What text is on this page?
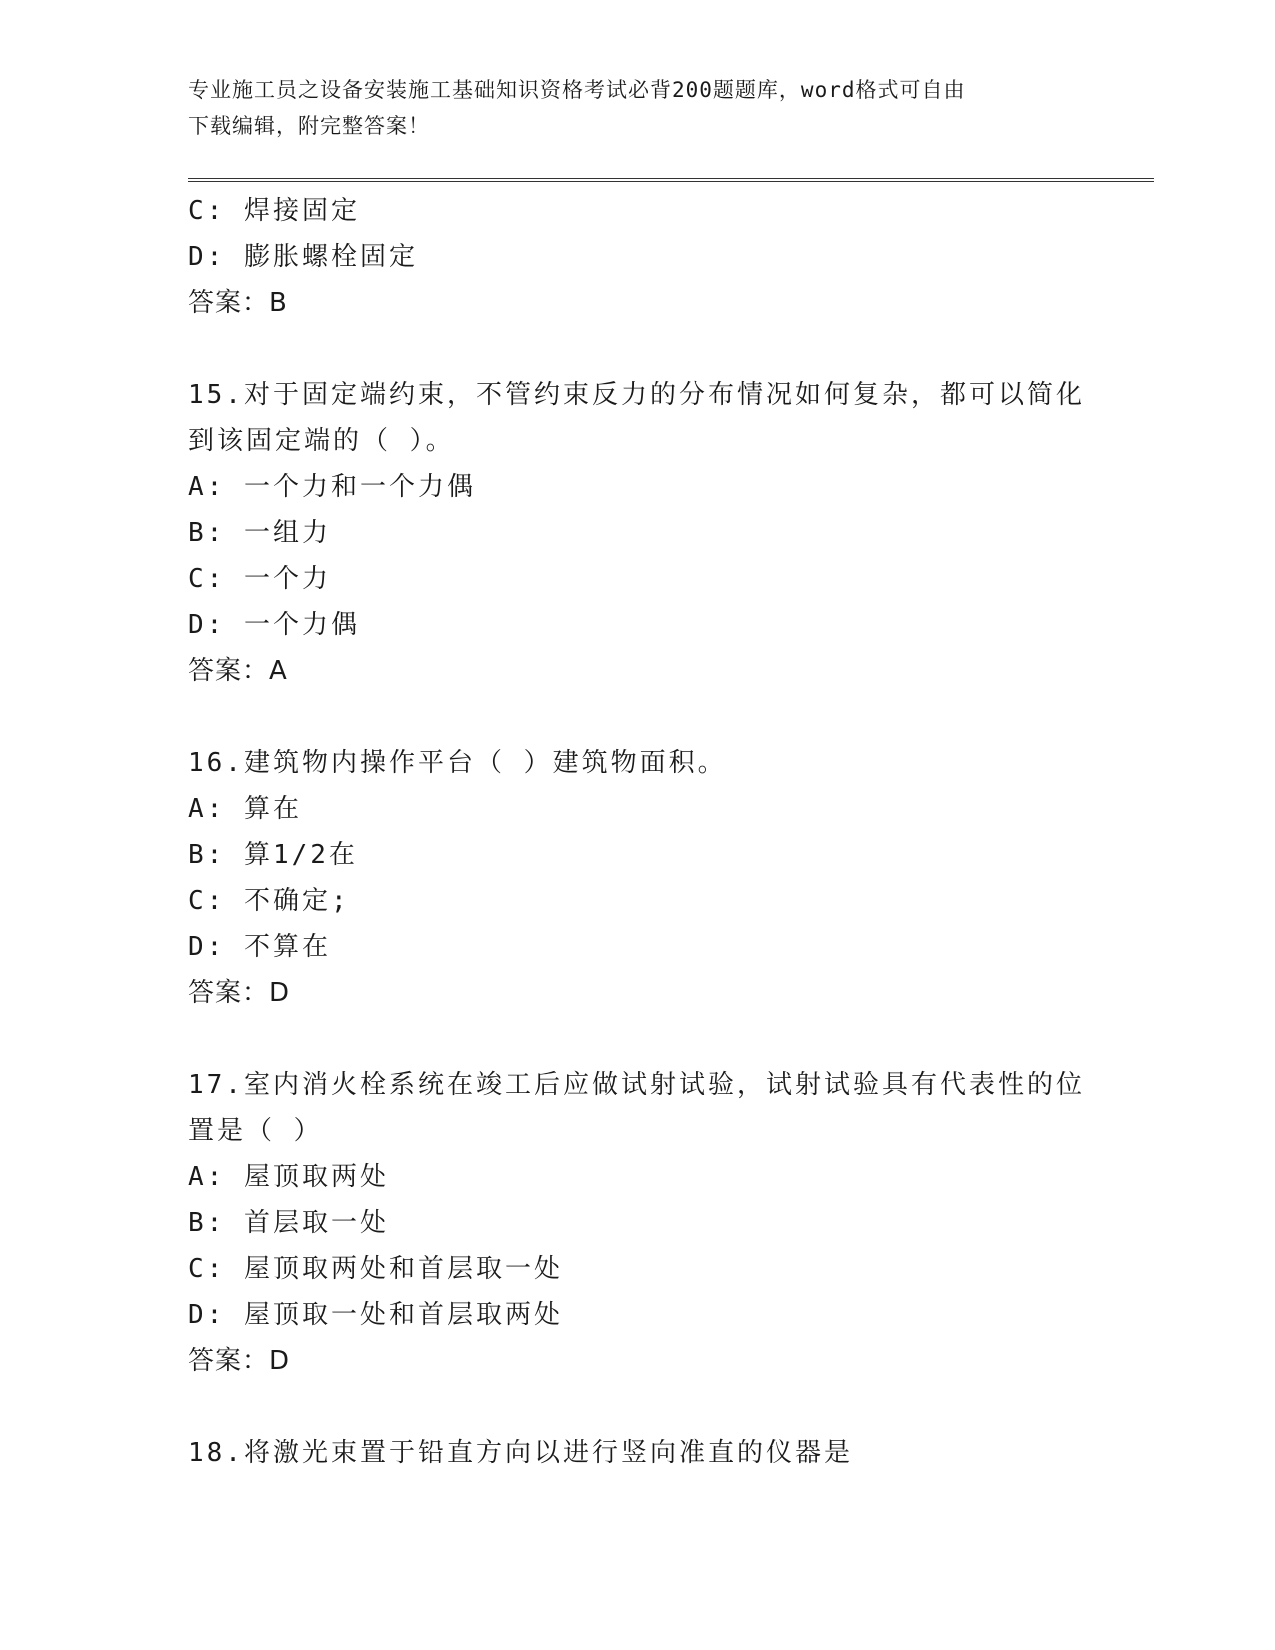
专业施工员之设备安装施工基础知识资格考试必背200题题库，word格式可自由
下载编辑，附完整答案！
C: 焊接固定
D: 膨胀螺栓固定
答案：B
15.对于固定端约束，不管约束反力的分布情况如何复杂，都可以简化
到该固定端的（ ）。
A: 一个力和一个力偶
B: 一组力
C: 一个力
D: 一个力偶
答案：A
16.建筑物内操作平台（ ）建筑物面积。
A: 算在
B: 算1/2在
C: 不确定;
D: 不算在
答案：D
17.室内消火栓系统在竣工后应做试射试验，试射试验具有代表性的位
置是（ ）
A: 屋顶取两处
B: 首层取一处
C: 屋顶取两处和首层取一处
D: 屋顶取一处和首层取两处
答案：D
18.将激光束置于铅直方向以进行竖向准直的仪器是
